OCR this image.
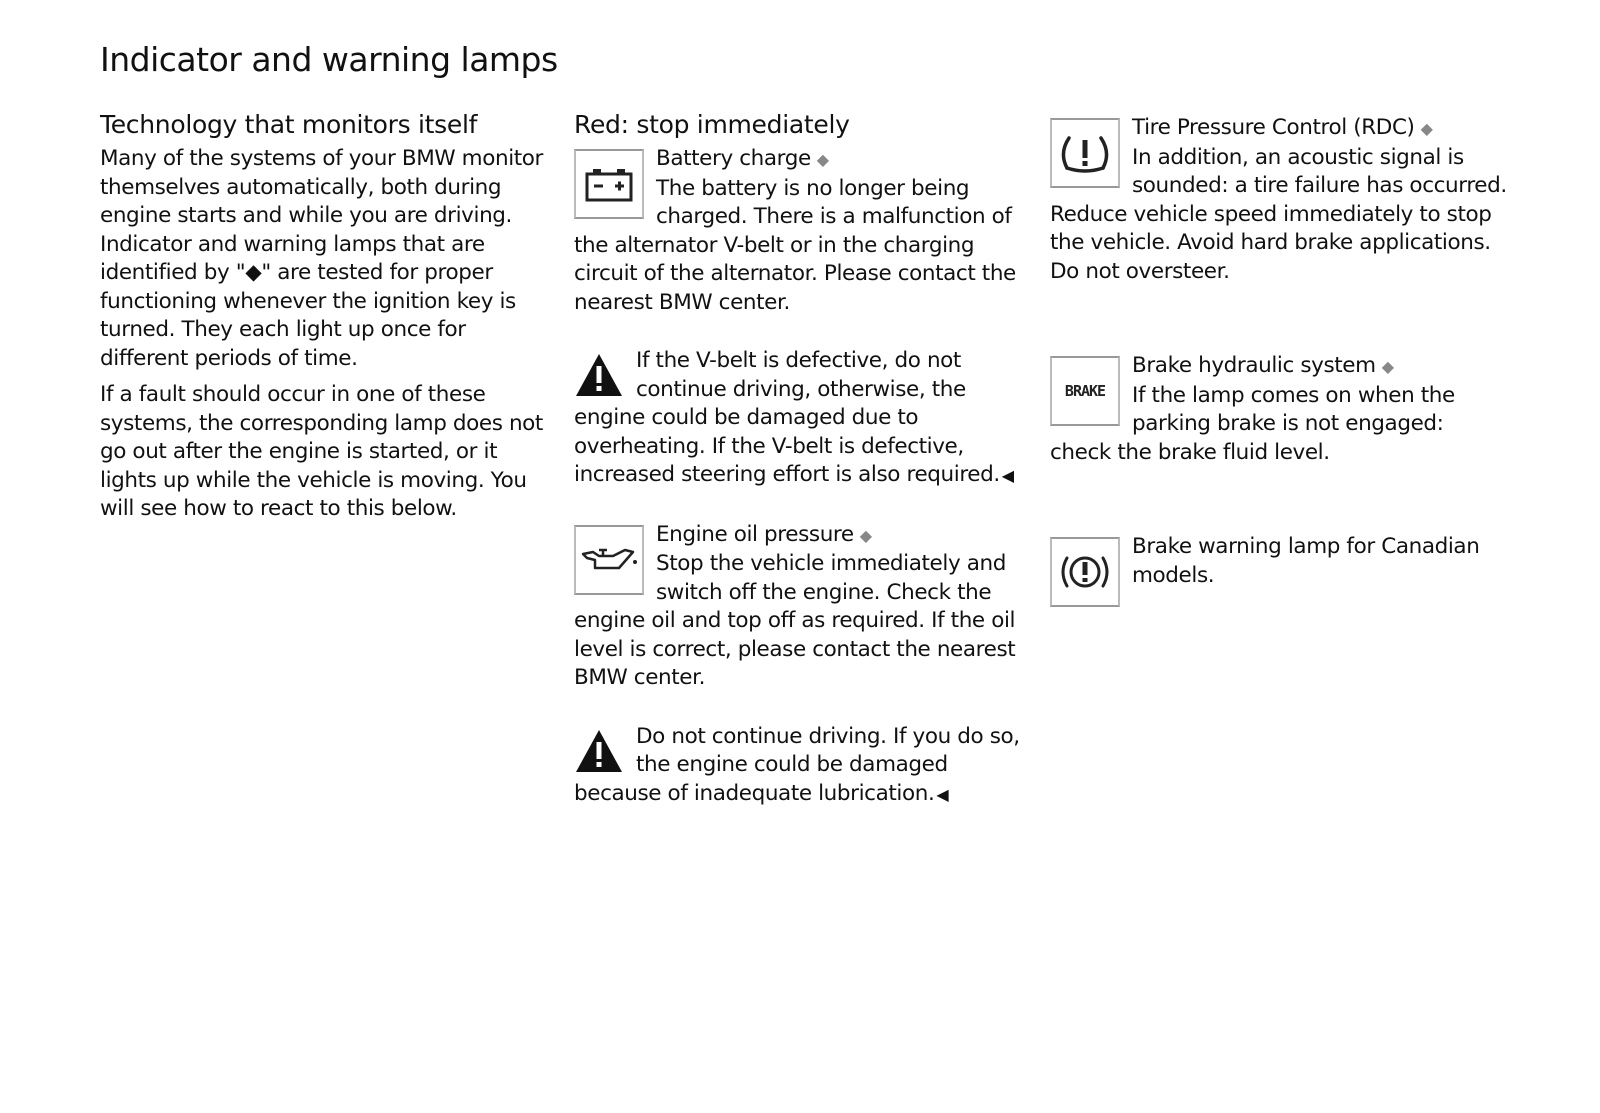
Indicator and warning lamps
Technology that monitors itself

Many of the systems of your BMW monitor themselves automatically, both during engine starts and while you are driving. Indicator and warning lamps that are identified by "◆" are tested for proper functioning whenever the ignition key is turned. They each light up once for different periods of time.

If a fault should occur in one of these systems, the corresponding lamp does not go out after the engine is started, or it lights up while the vehicle is moving. You will see how to react to this below.

Red: stop immediately

Battery charge ◆
The battery is no longer being charged. There is a malfunction of the alternator V-belt or in the charging circuit of the alternator. Please contact the nearest BMW center.

If the V-belt is defective, do not continue driving, otherwise, the engine could be damaged due to overheating. If the V-belt is defective, increased steering effort is also required. ◀

Engine oil pressure ◆
Stop the vehicle immediately and switch off the engine. Check the engine oil and top off as required. If the oil level is correct, please contact the nearest BMW center.

Do not continue driving. If you do so, the engine could be damaged because of inadequate lubrication. ◀

Tire Pressure Control (RDC) ◆
In addition, an acoustic signal is sounded: a tire failure has occurred. Reduce vehicle speed immediately to stop the vehicle. Avoid hard brake applications. Do not oversteer.

BRAKE

Brake hydraulic system ◆
If the lamp comes on when the parking brake is not engaged: check the brake fluid level.

Brake warning lamp for Canadian models.
